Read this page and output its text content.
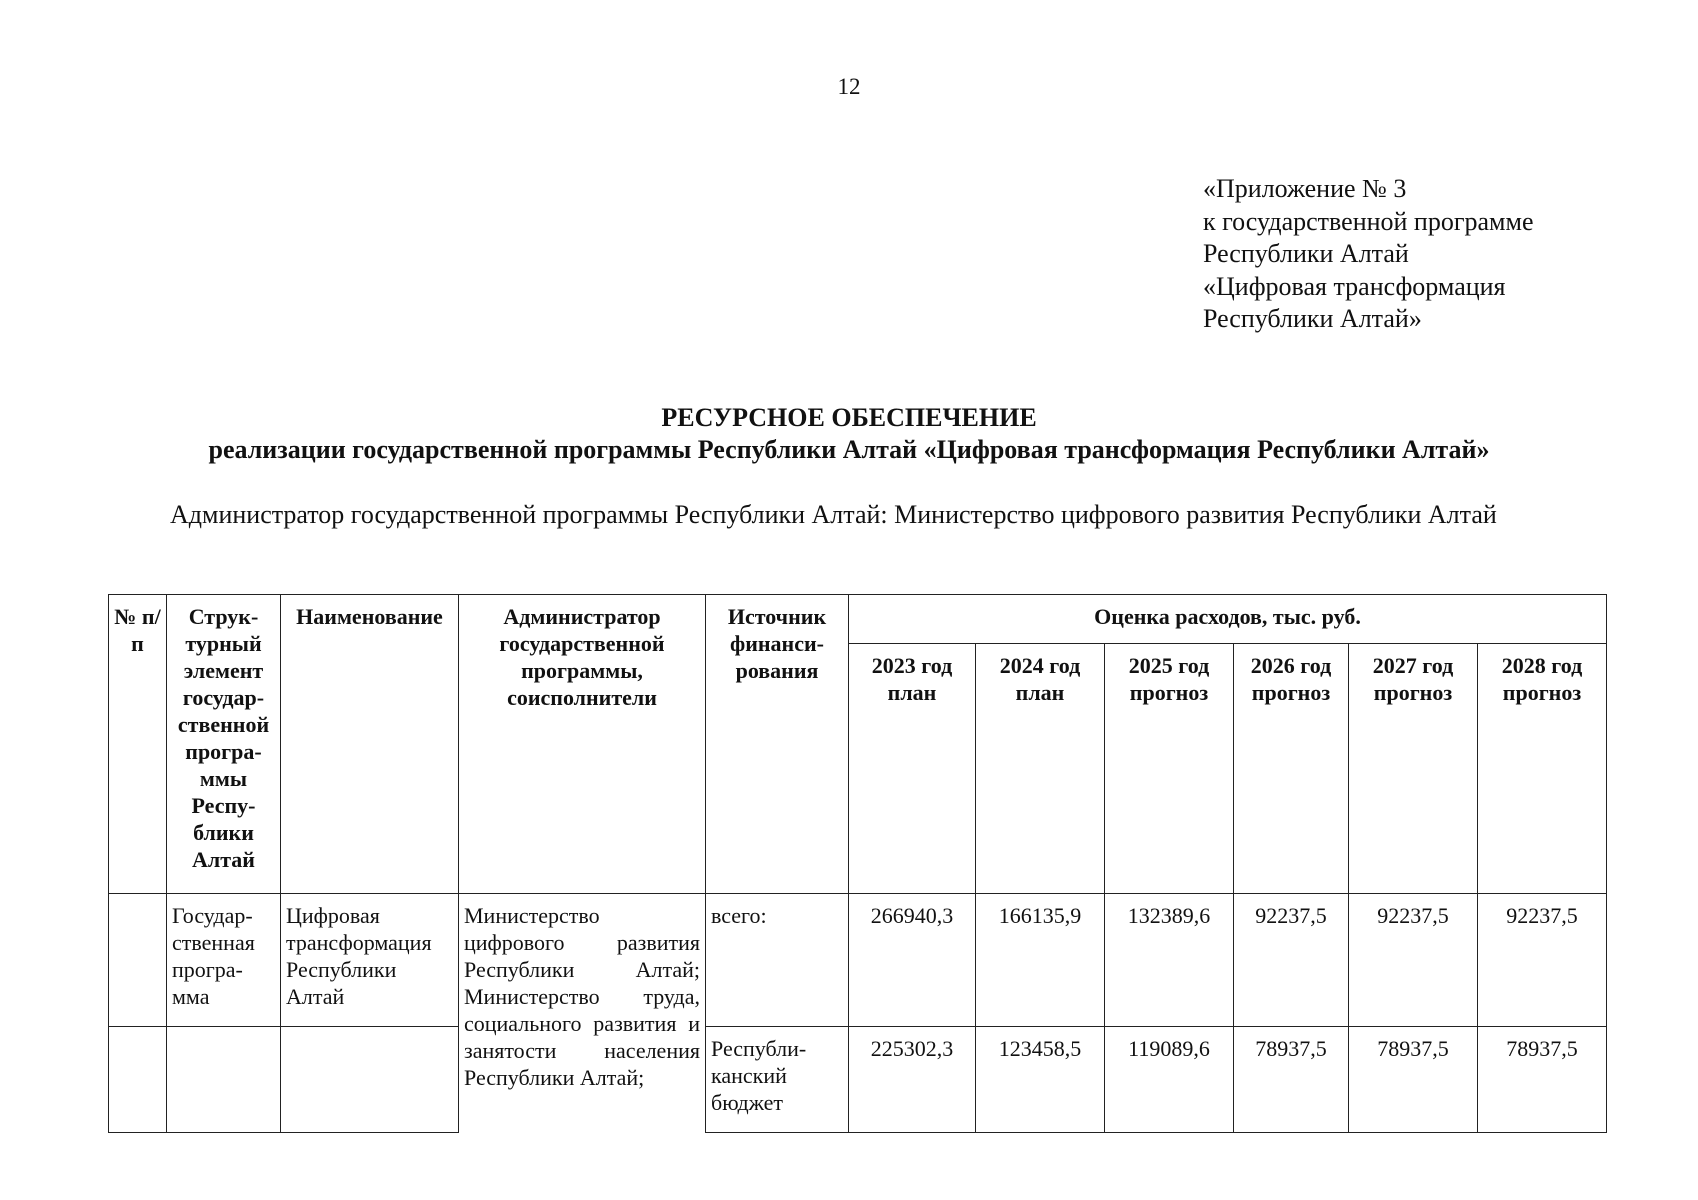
12
«Приложение № 3
к государственной программе
Республики Алтай
«Цифровая трансформация
Республики Алтай»
РЕСУРСНОЕ ОБЕСПЕЧЕНИЕ
реализации государственной программы Республики Алтай «Цифровая трансформация Республики Алтай»
Администратор государственной программы Республики Алтай: Министерство цифрового развития Республики Алтай
№ п/п	Струк-турный элемент государ-ственной програ-ммы Респу-блики Алтай	Наименование	Администратор государственной программы, соисполнители	Источник финанси-рования	Оценка расходов, тыс. руб.					
					2023 год план	2024 год план	2025 год прогноз	2026 год прогноз	2027 год прогноз	2028 год прогноз
	Государ-ственная програ-мма	Цифровая трансформация Республики Алтай	Министерство цифрового развития Республики Алтай; Министерство труда, социального развития и занятости населения Республики Алтай;	всего:	266940,3	166135,9	132389,6	92237,5	92237,5	92237,5
				Республи-канский бюджет	225302,3	123458,5	119089,6	78937,5	78937,5	78937,5
